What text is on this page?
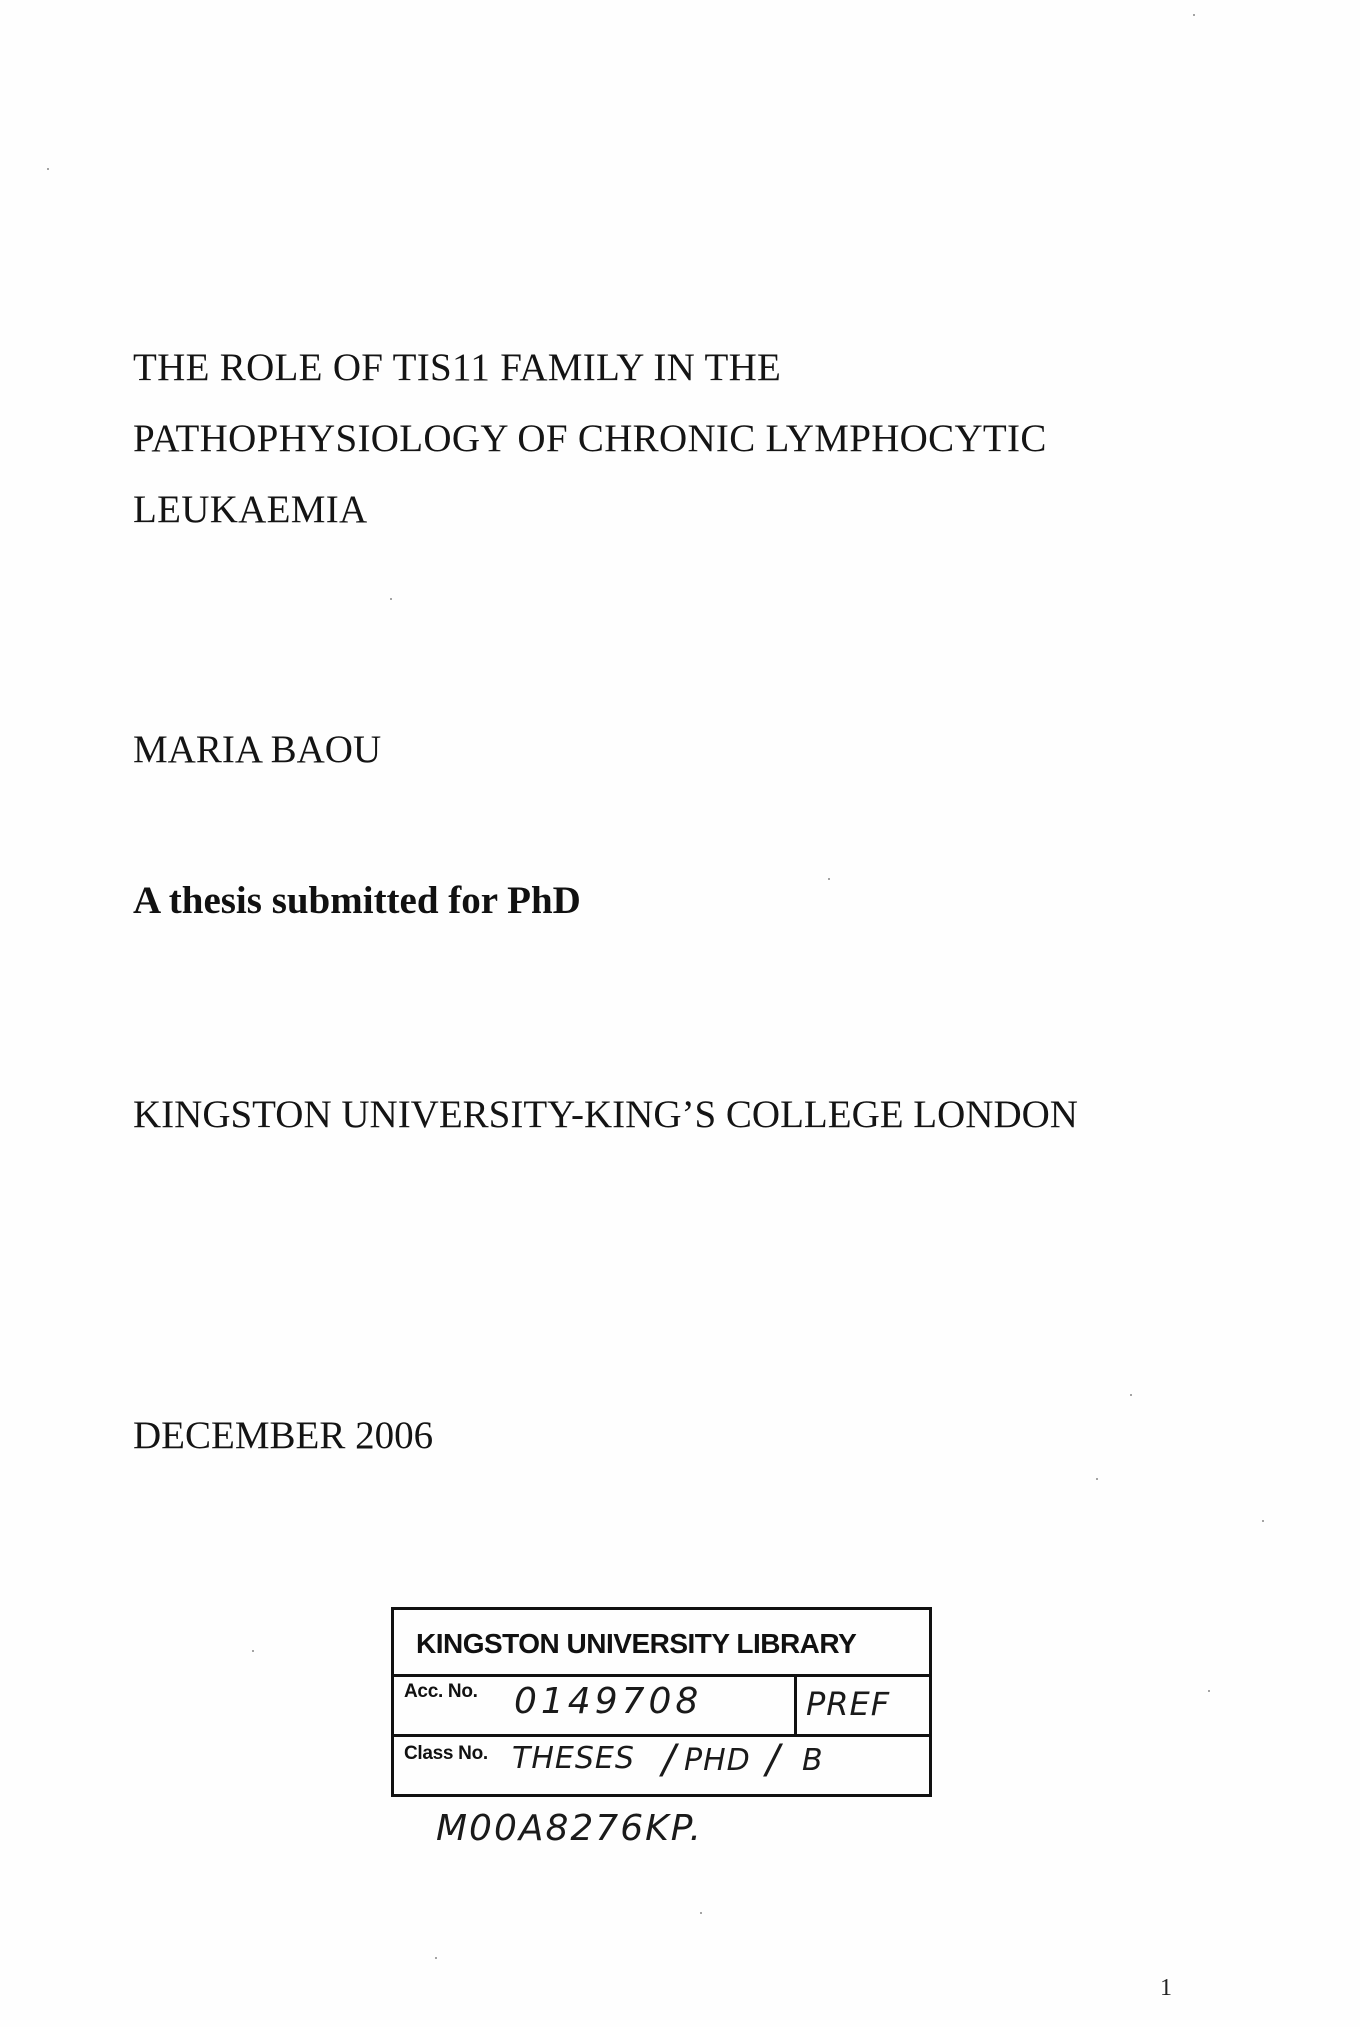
THE ROLE OF TIS11 FAMILY IN THE
PATHOPHYSIOLOGY OF CHRONIC LYMPHOCYTIC
LEUKAEMIA
MARIA BAOU
A thesis submitted for PhD
KINGSTON UNIVERSITY-KING’S COLLEGE LONDON
DECEMBER 2006
KINGSTON UNIVERSITY LIBRARY
Acc. No. 0149708	PREF
Class No. THESES / PHD / B
M00A8276KP.
1
